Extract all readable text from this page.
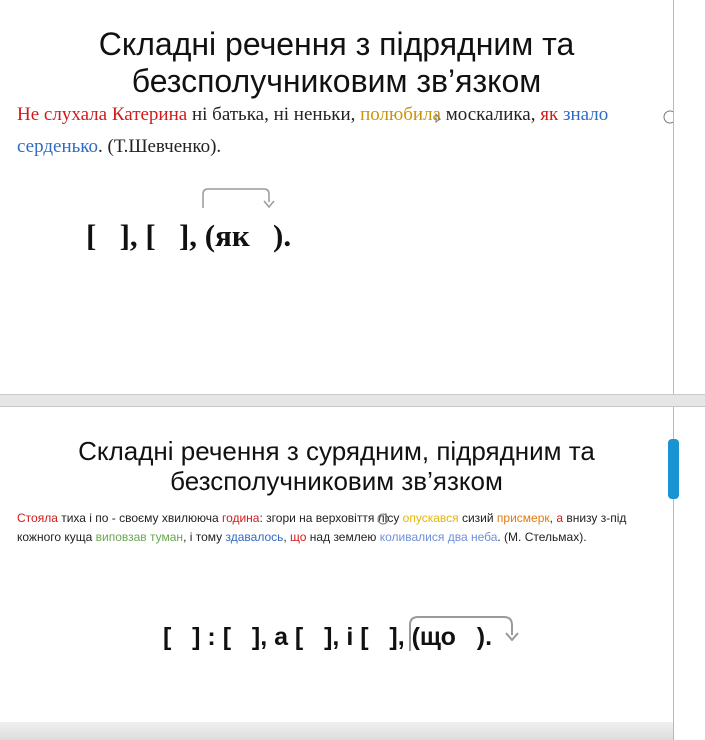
Складні речення з підрядним та
безсполучниковим зв’язком
Не слухала Катерина ні батька, ні неньки, полюбила москалика, як знало серденько. (Т.Шевченко).
[   ], [   ], (як   ).
Складні речення з сурядним, підрядним та
безсполучниковим зв’язком
Стояла тиха і по - своєму хвилююча година: згори на верховіття лісу опускався сизий присмерк, а внизу з-під кожного куща виповзав туман, і тому здавалось, що над землею коливалися два неба. (М. Стельмах).
[   ] : [   ], а [   ], і [   ], (що   ).
